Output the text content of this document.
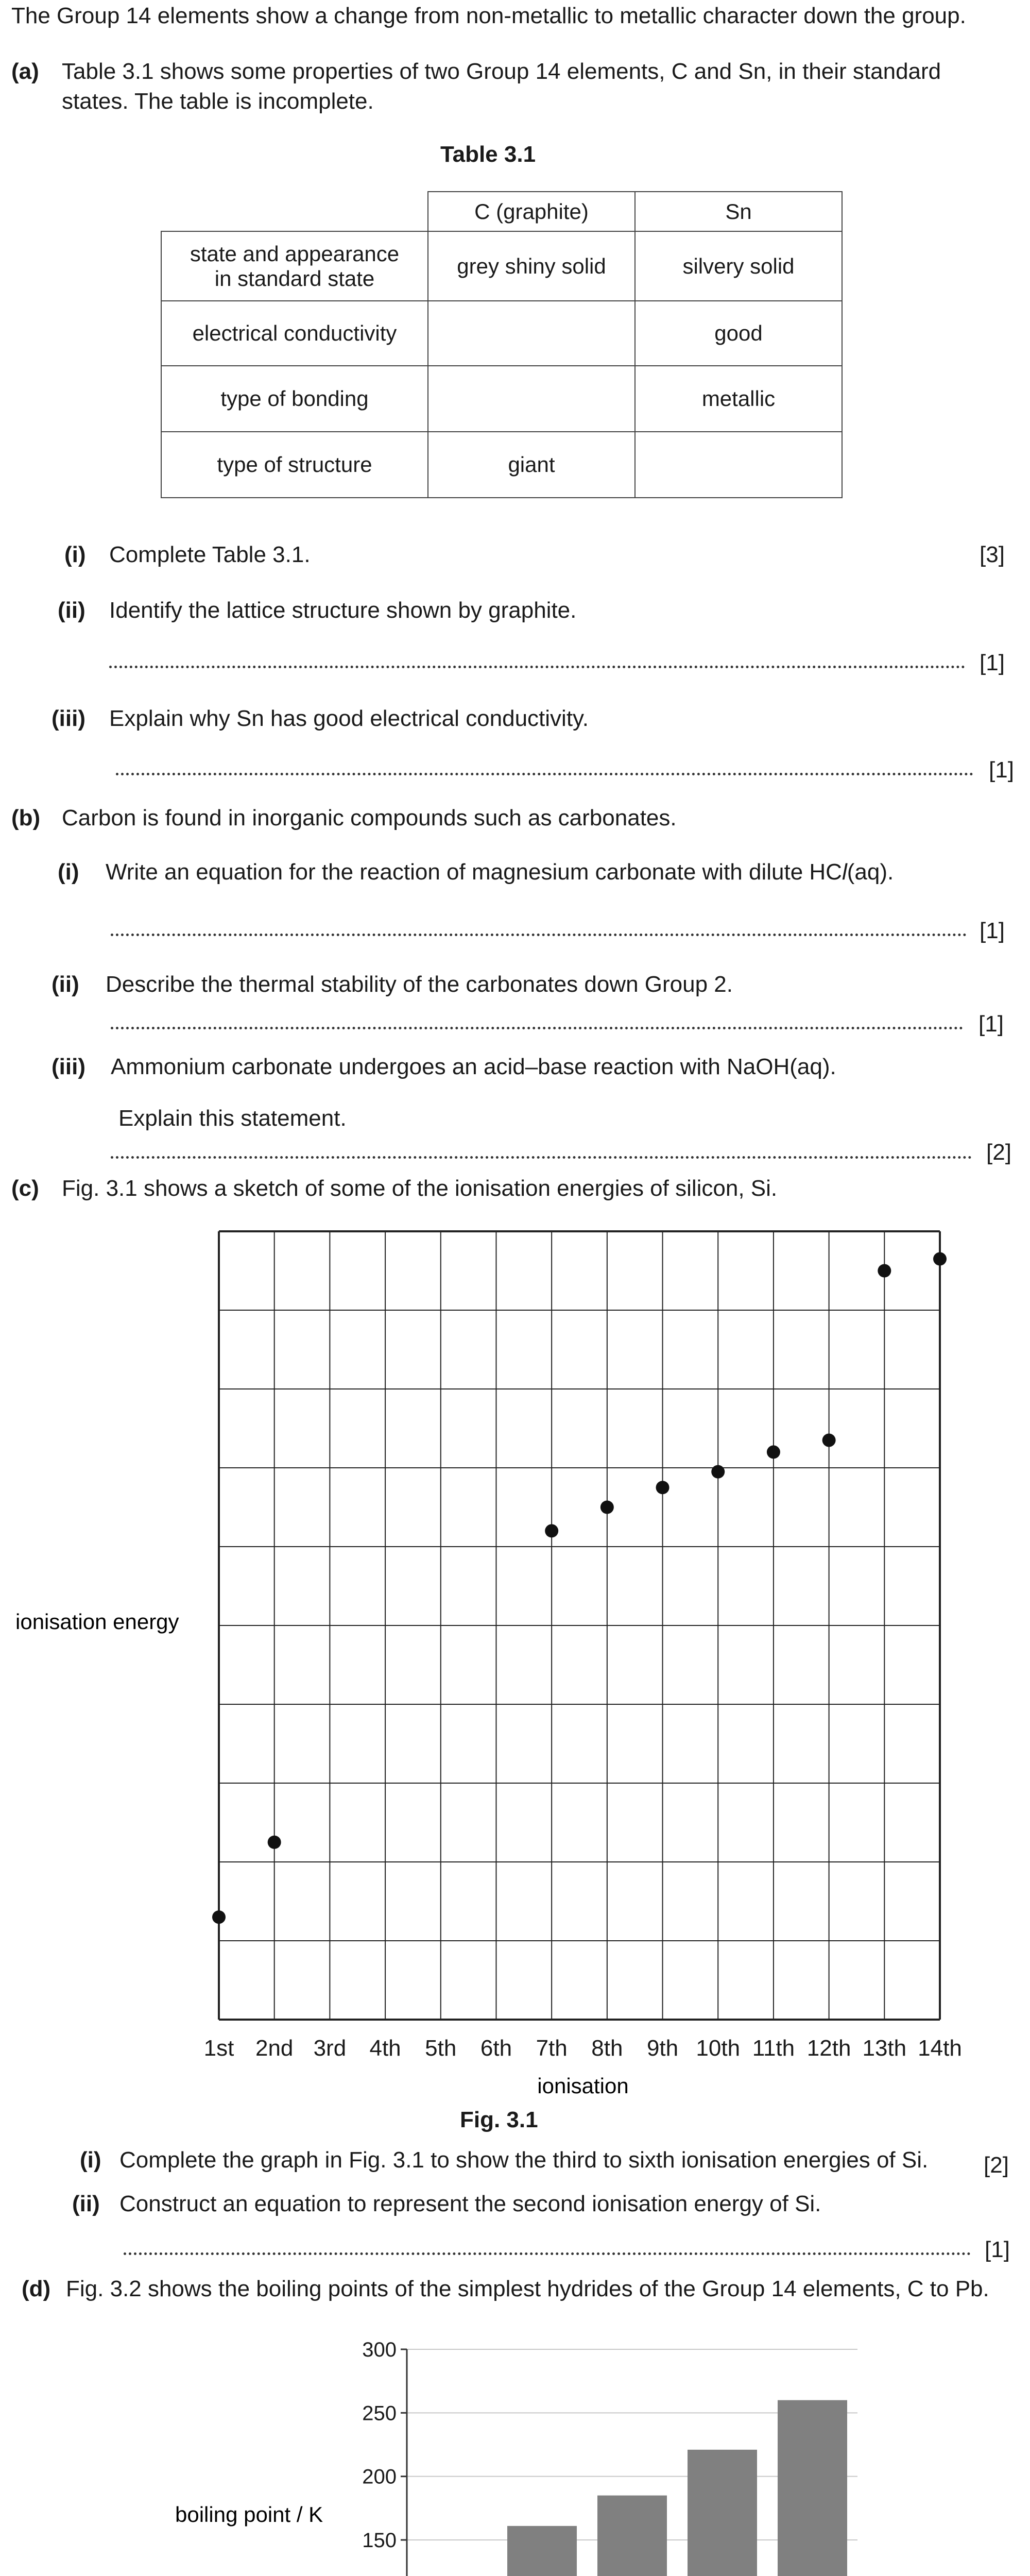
The Group 14 elements show a change from non-metallic to metallic character down the group.
(a) Table 3.1 shows some properties of two Group 14 elements, C and Sn, in their standard
states. The table is incomplete.
Table 3.1
	C (graphite)	Sn
state and appearance
in standard state	grey shiny solid	silvery solid
electrical conductivity		good
type of bonding		metallic
type of structure	giant	
(i) Complete Table 3.1.	[3]
(ii) Identify the lattice structure shown by graphite.
[1]
(iii) Explain why Sn has good electrical conductivity.
[1]
(b) Carbon is found in inorganic compounds such as carbonates.
(i) Write an equation for the reaction of magnesium carbonate with dilute HCl(aq).
[1]
(ii) Describe the thermal stability of the carbonates down Group 2.
[1]
(iii) Ammonium carbonate undergoes an acid–base reaction with NaOH(aq).
Explain this statement.
[2]
(c) Fig. 3.1 shows a sketch of some of the ionisation energies of silicon, Si.
1st 2nd 3rd 4th 5th 6th 7th 8th 9th 10th 11th 12th 13th 14th
ionisation energy
ionisation
Fig. 3.1
(i) Complete the graph in Fig. 3.1 to show the third to sixth ionisation energies of Si. [2]
(ii) Construct an equation to represent the second ionisation energy of Si.
[1]
(d) Fig. 3.2 shows the boiling points of the simplest hydrides of the Group 14 elements, C to Pb.
150
200
250
300
boiling point / K
